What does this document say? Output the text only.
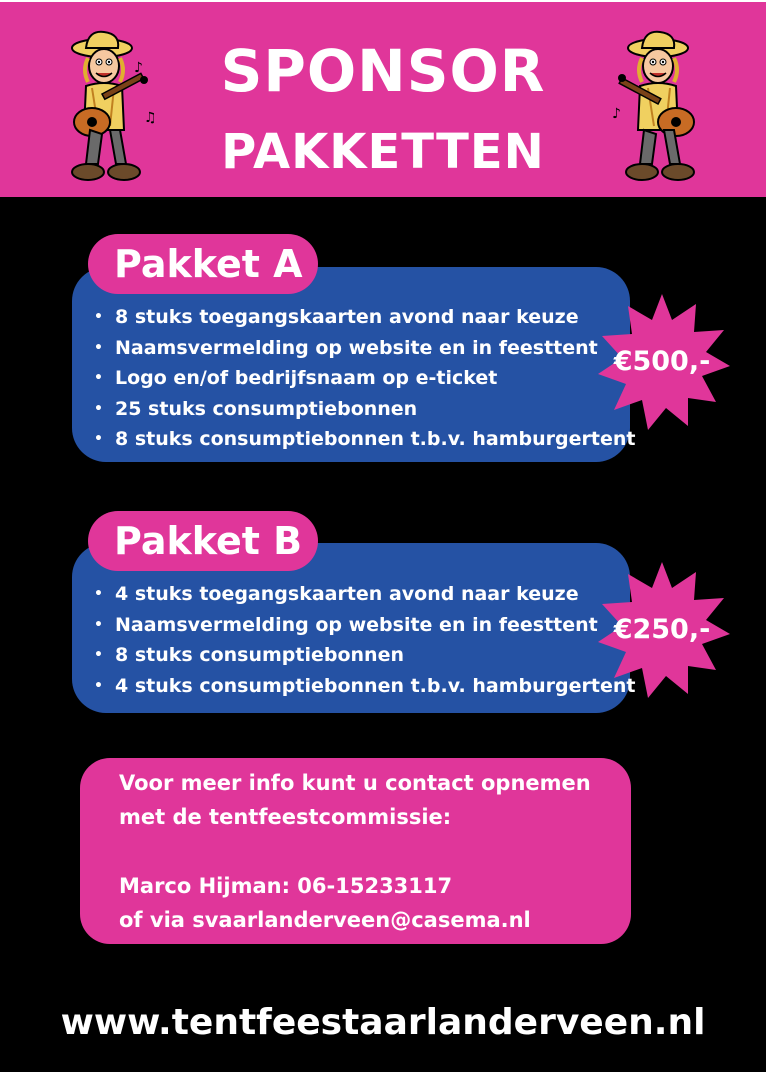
SPONSOR
PAKKETTEN
♪
♫	♪
Pakket A
• 8 stuks toegangskaarten avond naar keuze
• Naamsvermelding op website en in feesttent
• Logo en/of bedrijfsnaam op e-ticket
• 25 stuks consumptiebonnen
• 8 stuks consumptiebonnen t.b.v. hamburgertent
€500,-
Pakket B
• 4 stuks toegangskaarten avond naar keuze
• Naamsvermelding op website en in feesttent
• 8 stuks consumptiebonnen
• 4 stuks consumptiebonnen t.b.v. hamburgertent
€250,-
Voor meer info kunt u contact opnemen
met de tentfeestcommissie:
Marco Hijman: 06-15233117
of via svaarlanderveen@casema.nl
www.tentfeestaarlanderveen.nl
